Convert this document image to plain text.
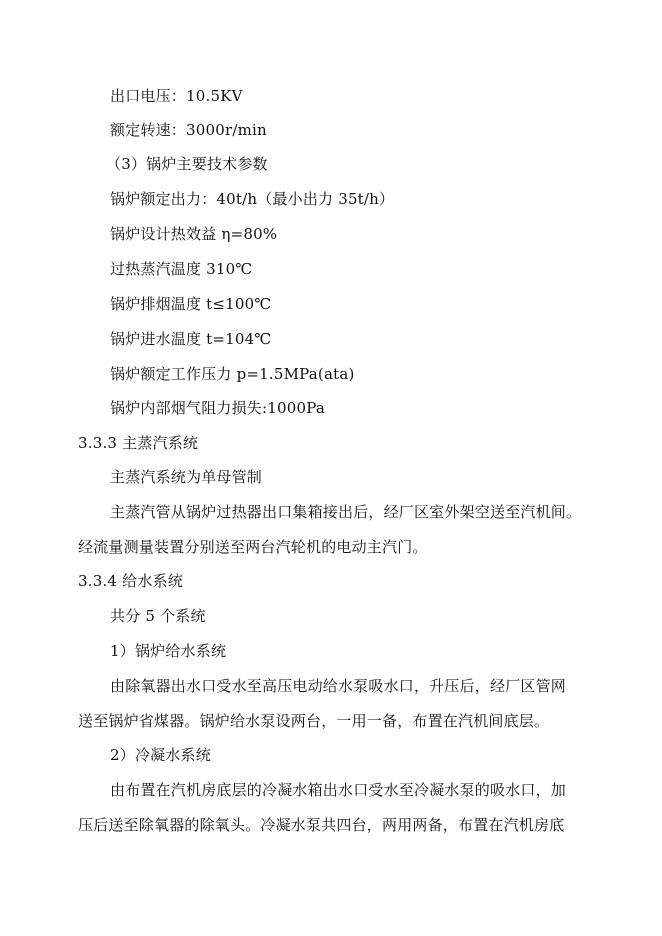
出口电压：10.5KV
额定转速：3000r/min
（3）锅炉主要技术参数
锅炉额定出力：40t/h（最小出力 35t/h）
锅炉设计热效益 η=80%
过热蒸汽温度 310℃
锅炉排烟温度 t≤100℃
锅炉进水温度 t=104℃
锅炉额定工作压力 p=1.5MPa(ata)
锅炉内部烟气阻力损失:1000Pa
3.3.3 主蒸汽系统
主蒸汽系统为单母管制
主蒸汽管从锅炉过热器出口集箱接出后，经厂区室外架空送至汽机间。
经流量测量装置分别送至两台汽轮机的电动主汽门。
3.3.4 给水系统
共分 5 个系统
1）锅炉给水系统
由除氧器出水口受水至高压电动给水泵吸水口，升压后，经厂区管网
送至锅炉省煤器。锅炉给水泵设两台，一用一备，布置在汽机间底层。
2）冷凝水系统
由布置在汽机房底层的冷凝水箱出水口受水至冷凝水泵的吸水口，加
压后送至除氧器的除氧头。冷凝水泵共四台，两用两备，布置在汽机房底
